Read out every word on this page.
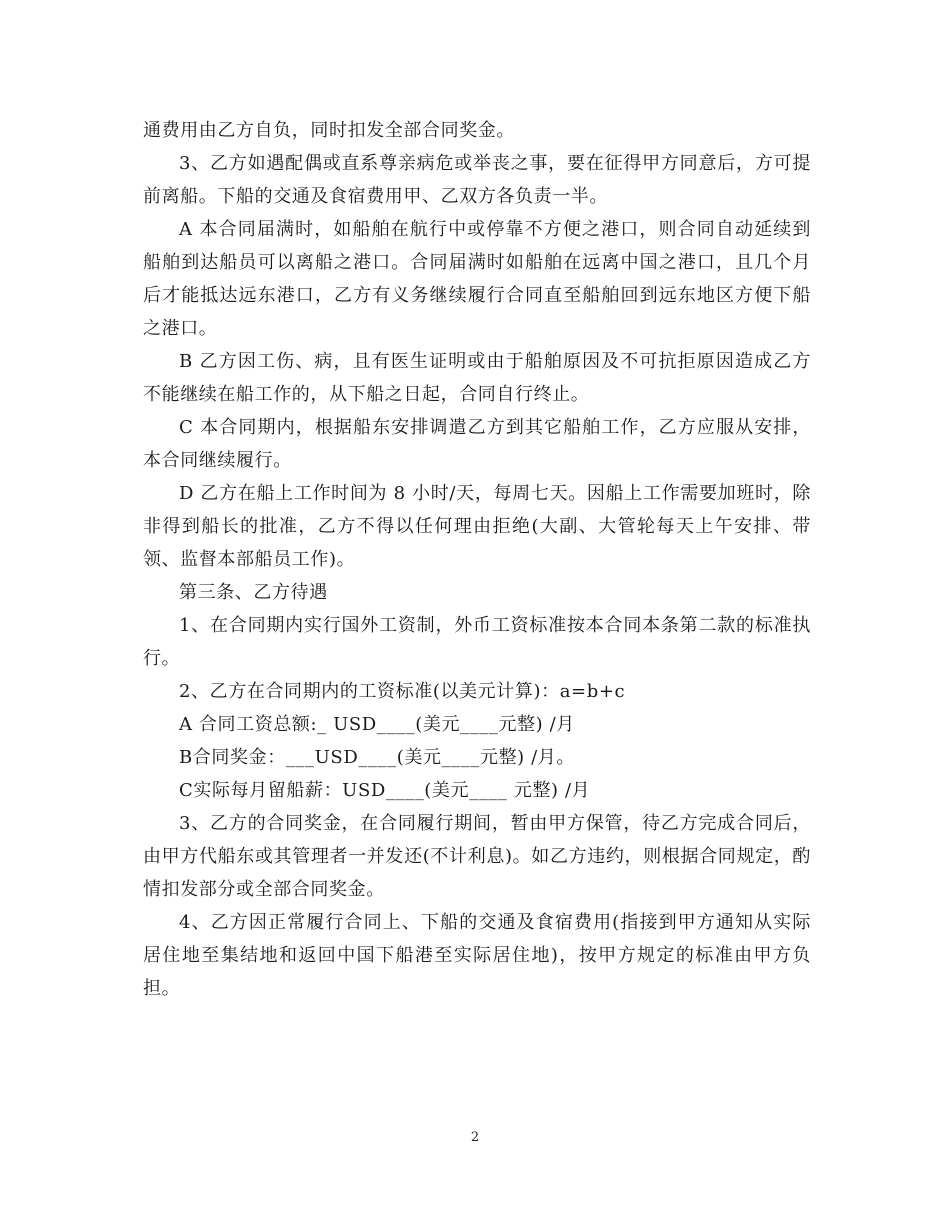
通费用由乙方自负，同时扣发全部合同奖金。

3、乙方如遇配偶或直系尊亲病危或举丧之事，要在征得甲方同意后，方可提前离船。下船的交通及食宿费用甲、乙双方各负责一半。

A 本合同届满时，如船舶在航行中或停靠不方便之港口，则合同自动延续到船舶到达船员可以离船之港口。合同届满时如船舶在远离中国之港口，且几个月后才能抵达远东港口，乙方有义务继续履行合同直至船舶回到远东地区方便下船之港口。

B 乙方因工伤、病，且有医生证明或由于船舶原因及不可抗拒原因造成乙方不能继续在船工作的，从下船之日起，合同自行终止。

C 本合同期内，根据船东安排调遣乙方到其它船舶工作，乙方应服从安排，本合同继续履行。

D 乙方在船上工作时间为 8 小时/天，每周七天。因船上工作需要加班时，除非得到船长的批准，乙方不得以任何理由拒绝(大副、大管轮每天上午安排、带领、监督本部船员工作)。

第三条、乙方待遇

1、在合同期内实行国外工资制，外币工资标准按本合同本条第二款的标准执行。

2、乙方在合同期内的工资标准(以美元计算)：a=b+c

A 合同工资总额:_ USD____(美元____元整) /月

B合同奖金：___USD____(美元____元整) /月。

C实际每月留船薪：USD____(美元____ 元整) /月

3、乙方的合同奖金，在合同履行期间，暂由甲方保管，待乙方完成合同后，由甲方代船东或其管理者一并发还(不计利息)。如乙方违约，则根据合同规定，酌情扣发部分或全部合同奖金。

4、乙方因正常履行合同上、下船的交通及食宿费用(指接到甲方通知从实际居住地至集结地和返回中国下船港至实际居住地)，按甲方规定的标准由甲方负担。

2
